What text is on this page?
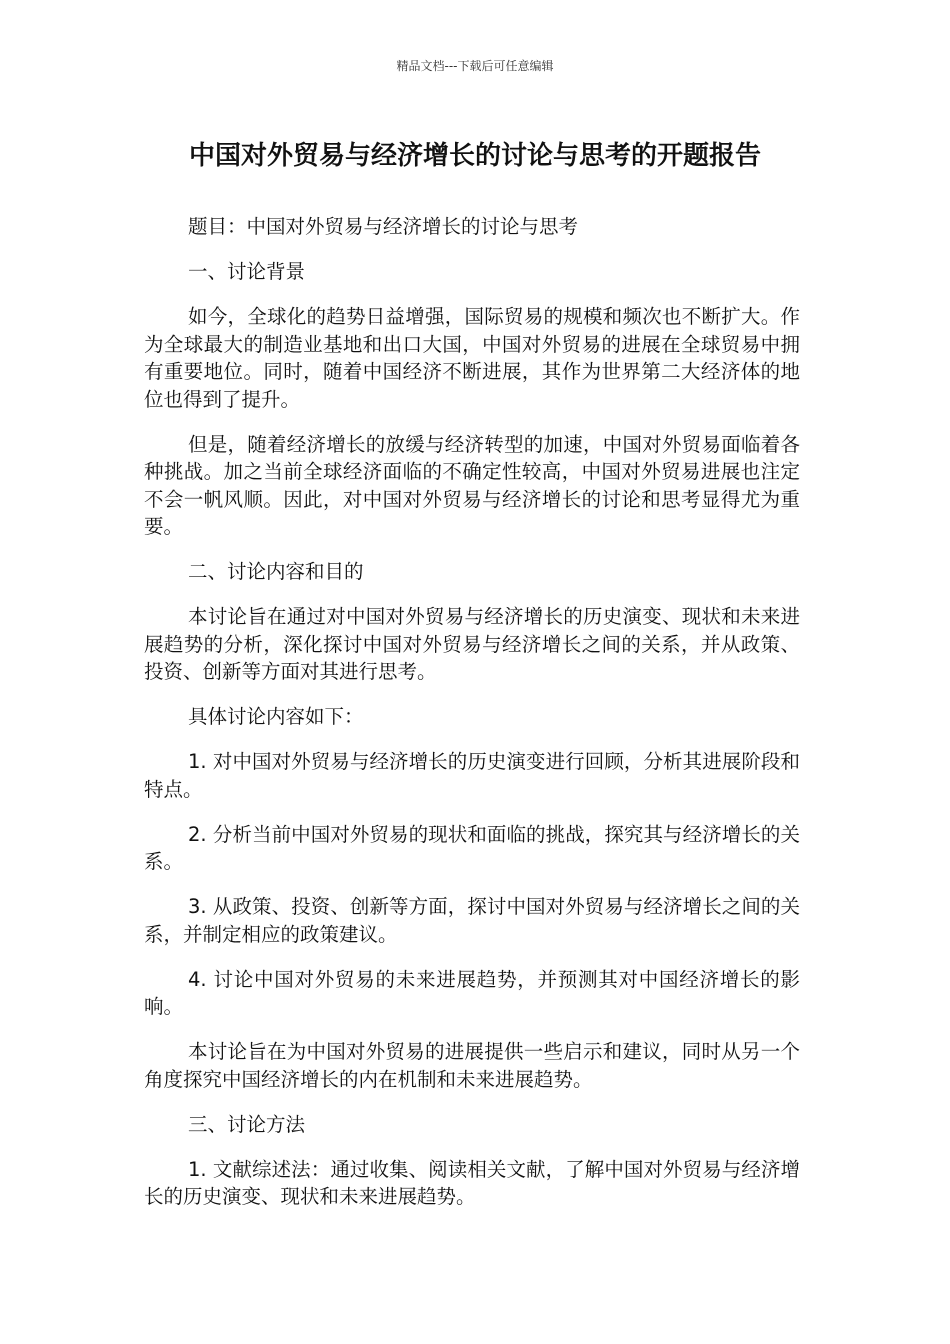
精品文档---下载后可任意编辑
中国对外贸易与经济增长的讨论与思考的开题报告

题目：中国对外贸易与经济增长的讨论与思考

一、讨论背景

如今，全球化的趋势日益增强，国际贸易的规模和频次也不断扩大。作为全球最大的制造业基地和出口大国，中国对外贸易的进展在全球贸易中拥有重要地位。同时，随着中国经济不断进展，其作为世界第二大经济体的地位也得到了提升。

但是，随着经济增长的放缓与经济转型的加速，中国对外贸易面临着各种挑战。加之当前全球经济面临的不确定性较高，中国对外贸易进展也注定不会一帆风顺。因此，对中国对外贸易与经济增长的讨论和思考显得尤为重要。

二、讨论内容和目的

本讨论旨在通过对中国对外贸易与经济增长的历史演变、现状和未来进展趋势的分析，深化探讨中国对外贸易与经济增长之间的关系，并从政策、投资、创新等方面对其进行思考。

具体讨论内容如下：

1. 对中国对外贸易与经济增长的历史演变进行回顾，分析其进展阶段和特点。

2. 分析当前中国对外贸易的现状和面临的挑战，探究其与经济增长的关系。

3. 从政策、投资、创新等方面，探讨中国对外贸易与经济增长之间的关系，并制定相应的政策建议。

4. 讨论中国对外贸易的未来进展趋势，并预测其对中国经济增长的影响。

本讨论旨在为中国对外贸易的进展提供一些启示和建议，同时从另一个角度探究中国经济增长的内在机制和未来进展趋势。

三、讨论方法

1. 文献综述法：通过收集、阅读相关文献，了解中国对外贸易与经济增长的历史演变、现状和未来进展趋势。
